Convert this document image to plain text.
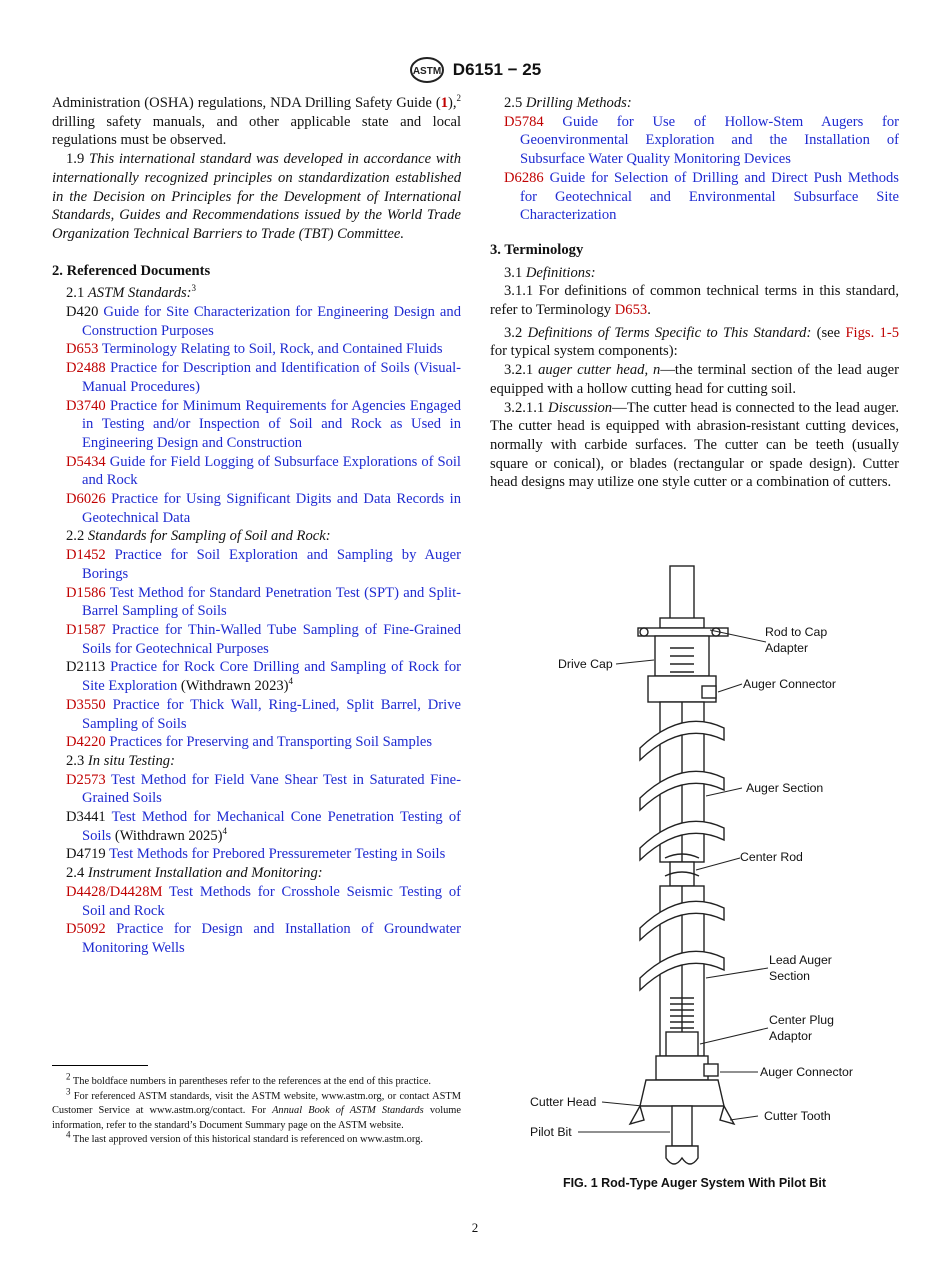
ASTM D6151 − 25

Administration (OSHA) regulations, NDA Drilling Safety Guide (1),$^2$ drilling safety manuals, and other applicable state and local regulations must be observed.

1.9 This international standard was developed in accordance with internationally recognized principles on standardization established in the Decision on Principles for the Development of International Standards, Guides and Recommendations issued by the World Trade Organization Technical Barriers to Trade (TBT) Committee.

2. Referenced Documents

2.1 ASTM Standards:$^3$

D420 Guide for Site Characterization for Engineering Design and Construction Purposes

D653 Terminology Relating to Soil, Rock, and Contained Fluids

D2488 Practice for Description and Identification of Soils (Visual-Manual Procedures)

D3740 Practice for Minimum Requirements for Agencies Engaged in Testing and/or Inspection of Soil and Rock as Used in Engineering Design and Construction

D5434 Guide for Field Logging of Subsurface Explorations of Soil and Rock

D6026 Practice for Using Significant Digits and Data Records in Geotechnical Data

2.2 Standards for Sampling of Soil and Rock:

D1452 Practice for Soil Exploration and Sampling by Auger Borings

D1586 Test Method for Standard Penetration Test (SPT) and Split-Barrel Sampling of Soils

D1587 Practice for Thin-Walled Tube Sampling of Fine-Grained Soils for Geotechnical Purposes

D2113 Practice for Rock Core Drilling and Sampling of Rock for Site Exploration (Withdrawn 2023)$^4$

D3550 Practice for Thick Wall, Ring-Lined, Split Barrel, Drive Sampling of Soils

D4220 Practices for Preserving and Transporting Soil Samples

2.3 In situ Testing:

D2573 Test Method for Field Vane Shear Test in Saturated Fine-Grained Soils

D3441 Test Method for Mechanical Cone Penetration Testing of Soils (Withdrawn 2025)$^4$

D4719 Test Methods for Prebored Pressuremeter Testing in Soils

2.4 Instrument Installation and Monitoring:

D4428/D4428M Test Methods for Crosshole Seismic Testing of Soil and Rock

D5092 Practice for Design and Installation of Groundwater Monitoring Wells

$^2$ The boldface numbers in parentheses refer to the references at the end of this practice.

$^3$ For referenced ASTM standards, visit the ASTM website, www.astm.org, or contact ASTM Customer Service at www.astm.org/contact. For Annual Book of ASTM Standards volume information, refer to the standard’s Document Summary page on the ASTM website.

$^4$ The last approved version of this historical standard is referenced on www.astm.org.

2.5 Drilling Methods:

D5784 Guide for Use of Hollow-Stem Augers for Geoenvironmental Exploration and the Installation of Subsurface Water Quality Monitoring Devices

D6286 Guide for Selection of Drilling and Direct Push Methods for Geotechnical and Environmental Subsurface Site Characterization

3. Terminology

3.1 Definitions:

3.1.1 For definitions of common technical terms in this standard, refer to Terminology D653.

3.2 Definitions of Terms Specific to This Standard: (see Figs. 1-5 for typical system components):

3.2.1 auger cutter head, n—the terminal section of the lead auger equipped with a hollow cutting head for cutting soil.

3.2.1.1 Discussion—The cutter head is connected to the lead auger. The cutter head is equipped with abrasion-resistant cutting devices, normally with carbide surfaces. The cutter can be teeth (usually square or conical), or blades (rectangular or spade design). Cutter head designs may utilize one style cutter or a combination of cutters.

Rod to Cap
Adapter
Drive Cap
Auger Connector
Auger Section
Center Rod
Lead Auger
Section
Center Plug
Adaptor
Auger Connector
Cutter Head
Cutter Tooth
Pilot Bit
FIG. 1 Rod-Type Auger System With Pilot Bit
2
